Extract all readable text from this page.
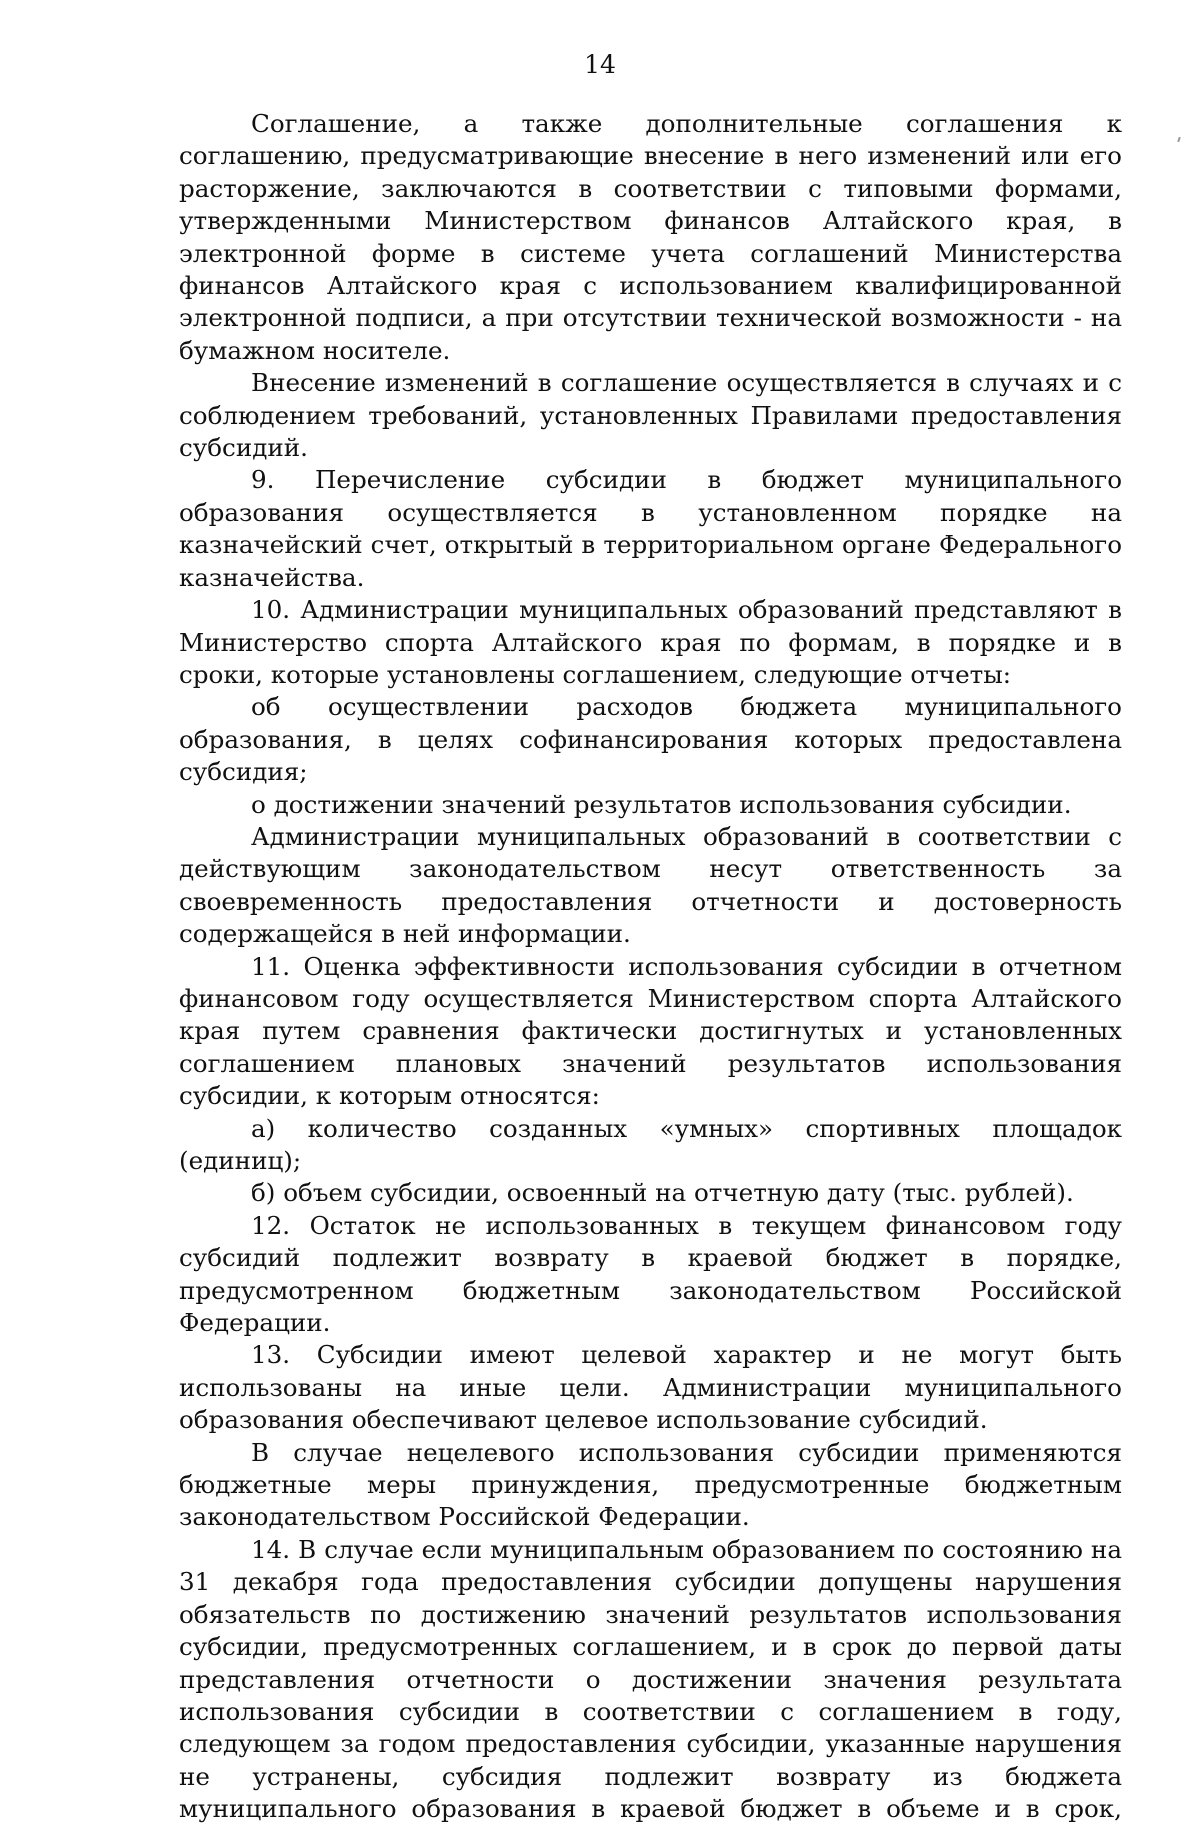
14

Соглашение, а также дополнительные соглашения к соглашению, предусматривающие внесение в него изменений или его расторжение, заключаются в соответствии с типовыми формами, утвержденными Министерством финансов Алтайского края, в электронной форме в системе учета соглашений Министерства финансов Алтайского края с использованием квалифицированной электронной подписи, а при отсутствии технической возможности - на бумажном носителе.

Внесение изменений в соглашение осуществляется в случаях и с соблюдением требований, установленных Правилами предоставления субсидий.

9. Перечисление субсидии в бюджет муниципального образования осуществляется в установленном порядке на казначейский счет, открытый в территориальном органе Федерального казначейства.

10. Администрации муниципальных образований представляют в Министерство спорта Алтайского края по формам, в порядке и в сроки, которые установлены соглашением, следующие отчеты:

об осуществлении расходов бюджета муниципального образования, в целях софинансирования которых предоставлена субсидия;

о достижении значений результатов использования субсидии.

Администрации муниципальных образований в соответствии с действующим законодательством несут ответственность за своевременность предоставления отчетности и достоверность содержащейся в ней информации.

11. Оценка эффективности использования субсидии в отчетном финансовом году осуществляется Министерством спорта Алтайского края путем сравнения фактически достигнутых и установленных соглашением плановых значений результатов использования субсидии, к которым относятся:

а) количество созданных «умных» спортивных площадок (единиц);

б) объем субсидии, освоенный на отчетную дату (тыс. рублей).

12. Остаток не использованных в текущем финансовом году субсидий подлежит возврату в краевой бюджет в порядке, предусмотренном бюджетным законодательством Российской Федерации.

13. Субсидии имеют целевой характер и не могут быть использованы на иные цели. Администрации муниципального образования обеспечивают целевое использование субсидий.

В случае нецелевого использования субсидии применяются бюджетные меры принуждения, предусмотренные бюджетным законодательством Российской Федерации.

14. В случае если муниципальным образованием по состоянию на 31 декабря года предоставления субсидии допущены нарушения обязательств по достижению значений результатов использования субсидии, предусмотренных соглашением, и в срок до первой даты представления отчетности о достижении значения результата использования субсидии в соответствии с соглашением в году, следующем за годом предоставления субсидии, указанные нарушения не устранены, субсидия подлежит возврату из бюджета муниципального образования в краевой бюджет в объеме и в срок,
